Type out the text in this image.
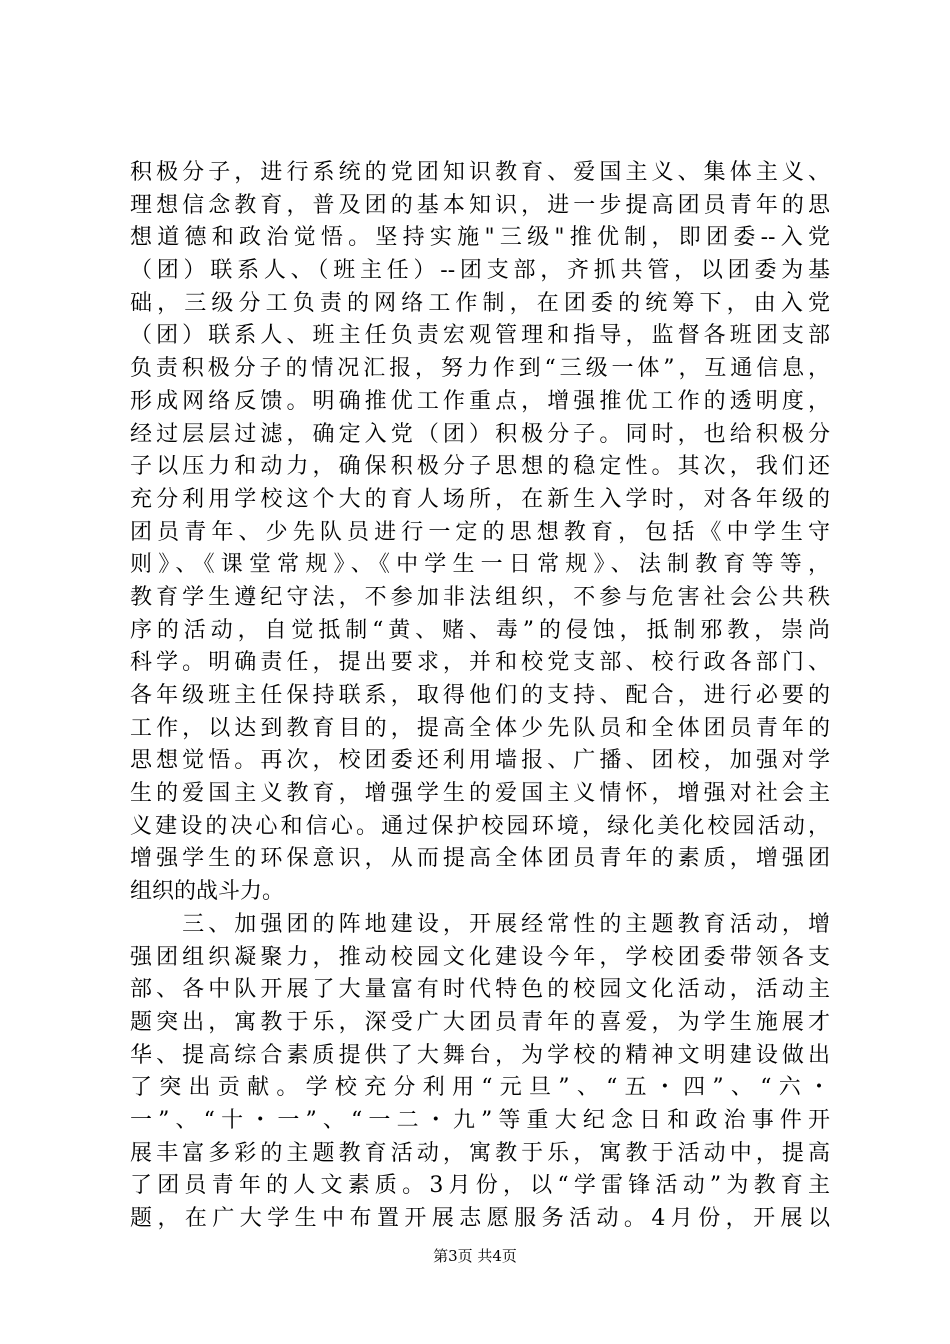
积极分子，进行系统的党团知识教育、爱国主义、集体主义、
理想信念教育，普及团的基本知识，进一步提高团员青年的思
想道德和政治觉悟。坚持实施"三级"推优制，即团委--入党
（团）联系人、（班主任）--团支部，齐抓共管，以团委为基
础，三级分工负责的网络工作制，在团委的统筹下，由入党
（团）联系人、班主任负责宏观管理和指导，监督各班团支部
负责积极分子的情况汇报，努力作到“三级一体”，互通信息，
形成网络反馈。明确推优工作重点，增强推优工作的透明度，
经过层层过滤，确定入党（团）积极分子。同时，也给积极分
子以压力和动力，确保积极分子思想的稳定性。其次，我们还
充分利用学校这个大的育人场所，在新生入学时，对各年级的
团员青年、少先队员进行一定的思想教育，包括《中学生守
则》、《课堂常规》、《中学生一日常规》、法制教育等等，
教育学生遵纪守法，不参加非法组织，不参与危害社会公共秩
序的活动，自觉抵制“黄、赌、毒”的侵蚀，抵制邪教，崇尚
科学。明确责任，提出要求，并和校党支部、校行政各部门、
各年级班主任保持联系，取得他们的支持、配合，进行必要的
工作，以达到教育目的，提高全体少先队员和全体团员青年的
思想觉悟。再次，校团委还利用墙报、广播、团校，加强对学
生的爱国主义教育，增强学生的爱国主义情怀，增强对社会主
义建设的决心和信心。通过保护校园环境，绿化美化校园活动，
增强学生的环保意识，从而提高全体团员青年的素质，增强团
组织的战斗力。
　　三、加强团的阵地建设，开展经常性的主题教育活动，增
强团组织凝聚力，推动校园文化建设今年，学校团委带领各支
部、各中队开展了大量富有时代特色的校园文化活动，活动主
题突出，寓教于乐，深受广大团员青年的喜爱，为学生施展才
华、提高综合素质提供了大舞台，为学校的精神文明建设做出
了突出贡献。学校充分利用“元旦”、“五・四”、“六・
一”、“十・一”、“一二・九”等重大纪念日和政治事件开
展丰富多彩的主题教育活动，寓教于乐，寓教于活动中，提高
了团员青年的人文素质。3月份，以“学雷锋活动”为教育主
题，在广大学生中布置开展志愿服务活动。4月份，开展以
第3页 共4页
